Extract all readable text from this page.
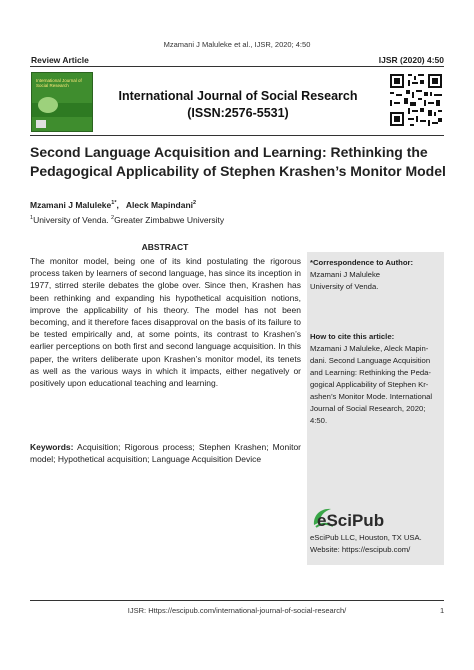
Mzamani J Maluleke et al., IJSR, 2020; 4:50
Review Article	IJSR (2020) 4:50
International Journal of Social Research
International Journal of Social Research
(ISSN:2576-5531)
Second Language Acquisition and Learning: Rethinking the
Pedagogical Applicability of Stephen Krashen’s Monitor Model
Mzamani J Maluleke$^{1*}$,   Aleck Mapindani$^2$
$^1$University of Venda. $^2$Greater Zimbabwe University
ABSTRACT
The monitor model, being one of its kind postulating the rigorous process taken by learners of second language, has since its inception in 1977, stirred sterile debates the globe over. Since then, Krashen has been rethinking and expanding his hypothetical acquisition notions, improve the applicability of his theory. The model has not been becoming, and it therefore faces disapproval on the basis of its failure to be tested empirically and, at some points, its contrast to Krashen’s earlier perceptions on both first and second language acquisition. In this paper, the writers deliberate upon Krashen’s monitor model, its tenets as well as the various ways in which it impacts, either negatively or positively upon educational teaching and learning.
Keywords: Acquisition; Rigorous process; Stephen Krashen; Monitor model; Hypothetical acquisition; Language Acquisition Device
*Correspondence to Author:
Mzamani J Maluleke
University of Venda.
How to cite this article:
Mzamani J Maluleke, Aleck Mapin-
dani. Second Language Acquisition
and Learning: Rethinking the Peda-
gogical Applicability of Stephen Kr-
ashen’s Monitor Mode. International
Journal of Social Research, 2020;
4:50.
eSciPub
eSciPub LLC, Houston, TX USA.
Website: https://escipub.com/
IJSR: Https://escipub.com/international-journal-of-social-research/	1
